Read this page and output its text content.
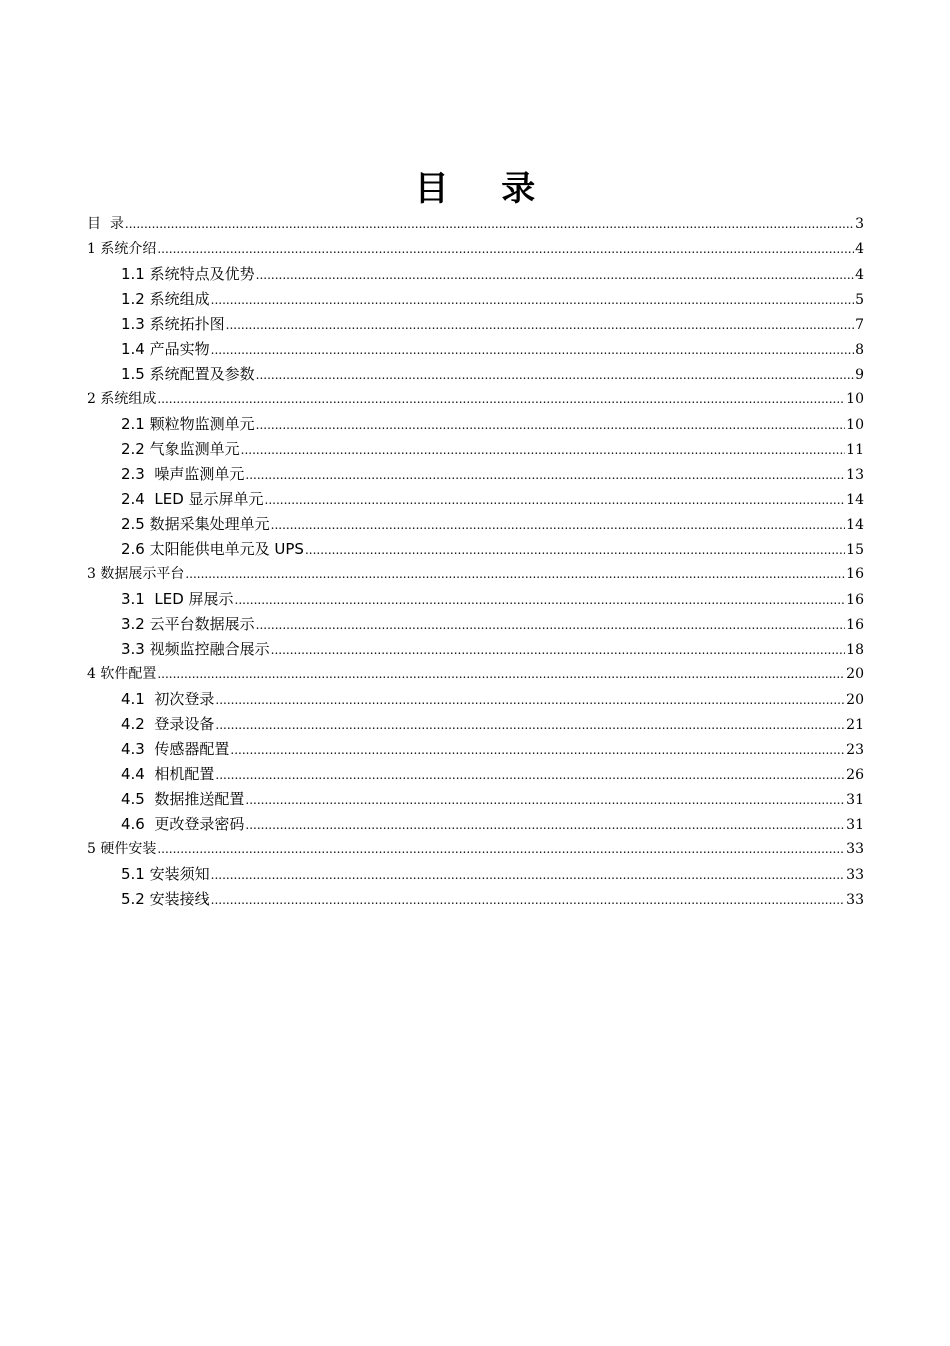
目 录
目  录 .....	3
1 系统介绍 .....	4
1.1 系统特点及优势 .....	4
1.2 系统组成 .....	5
1.3 系统拓扑图 .....	7
1.4 产品实物 .....	8
1.5 系统配置及参数 .....	9
2 系统组成 .....	10
2.1 颗粒物监测单元 .....	10
2.2 气象监测单元 .....	11
2.3  噪声监测单元 .....	13
2.4  LED 显示屏单元 .....	14
2.5 数据采集处理单元 .....	14
2.6 太阳能供电单元及 UPS .....	15
3 数据展示平台 .....	16
3.1  LED 屏展示 .....	16
3.2 云平台数据展示 .....	16
3.3 视频监控融合展示 .....	18
4 软件配置 .....	20
4.1  初次登录 .....	20
4.2  登录设备 .....	21
4.3  传感器配置 .....	23
4.4  相机配置 .....	26
4.5  数据推送配置 .....	31
4.6  更改登录密码 .....	31
5 硬件安装 .....	33
5.1 安装须知 .....	33
5.2 安装接线 .....	33
